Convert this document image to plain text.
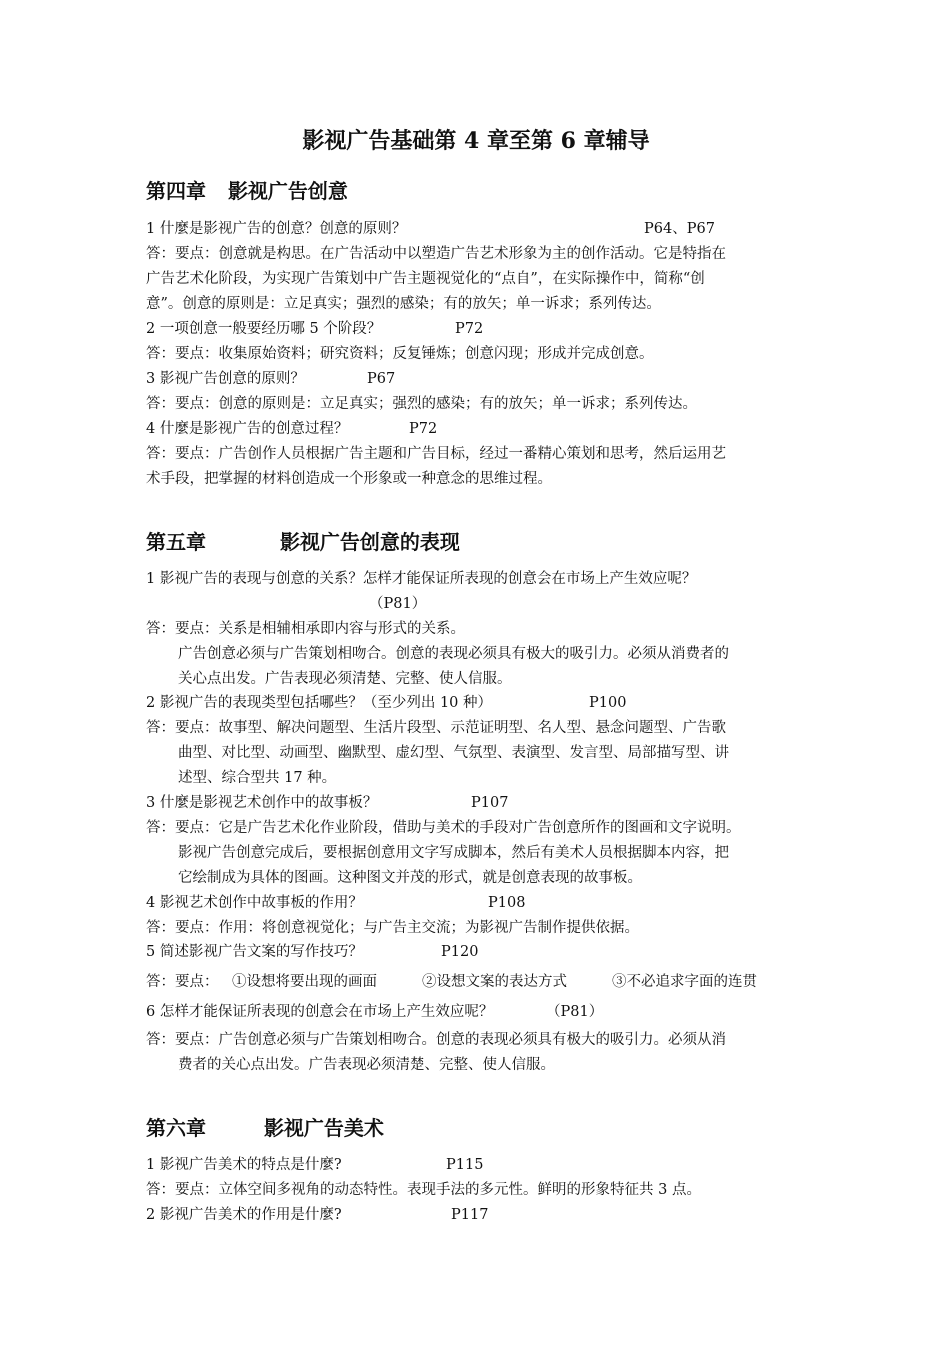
影视广告基础第 4 章至第 6 章辅导
第四章 影视广告创意
1 什麼是影视广告的创意？创意的原则？	P64、P67
答：要点：创意就是构思。在广告活动中以塑造广告艺术形象为主的创作活动。它是特指在
广告艺术化阶段，为实现广告策划中广告主题视觉化的“点自”，在实际操作中，简称“创
意”。创意的原则是：立足真实；强烈的感染；有的放矢；单一诉求；系列传达。
2 一项创意一般要经历哪 5 个阶段？	P72
答：要点：收集原始资料；研究资料；反复锤炼；创意闪现；形成并完成创意。
3 影视广告创意的原则？	P67
答：要点：创意的原则是：立足真实；强烈的感染；有的放矢；单一诉求；系列传达。
4 什麼是影视广告的创意过程？	P72
答：要点：广告创作人员根据广告主题和广告目标，经过一番精心策划和思考，然后运用艺
术手段，把掌握的材料创造成一个形象或一种意念的思维过程。
第五章	影视广告创意的表现
1 影视广告的表现与创意的关系？怎样才能保证所表现的创意会在市场上产生效应呢？
（P81）
答：要点：关系是相辅相承即内容与形式的关系。
广告创意必须与广告策划相吻合。创意的表现必须具有极大的吸引力。必须从消费者的
关心点出发。广告表现必须清楚、完整、使人信服。
2 影视广告的表现类型包括哪些？（至少列出 10 种）	P100
答：要点：故事型、解决问题型、生活片段型、示范证明型、名人型、悬念问题型、广告歌
曲型、对比型、动画型、幽默型、虚幻型、气氛型、表演型、发言型、局部描写型、讲
述型、综合型共 17 种。
3 什麼是影视艺术创作中的故事板？	P107
答：要点：它是广告艺术化作业阶段，借助与美术的手段对广告创意所作的图画和文字说明。
影视广告创意完成后，要根据创意用文字写成脚本，然后有美术人员根据脚本内容，把
它绘制成为具体的图画。这种图文并茂的形式，就是创意表现的故事板。
4 影视艺术创作中故事板的作用？	P108
答：要点：作用：将创意视觉化；与广告主交流；为影视广告制作提供依据。
5 简述影视广告文案的写作技巧？	P120
答：要点： ①设想将要出现的画面	②设想文案的表达方式	③不必追求字面的连贯
6 怎样才能保证所表现的创意会在市场上产生效应呢？	（P81）
答：要点：广告创意必须与广告策划相吻合。创意的表现必须具有极大的吸引力。必须从消
费者的关心点出发。广告表现必须清楚、完整、使人信服。
第六章	影视广告美术
1 影视广告美术的特点是什麼?	P115
答：要点：立体空间多视角的动态特性。表现手法的多元性。鲜明的形象特征共 3 点。
2 影视广告美术的作用是什麼?	P117
